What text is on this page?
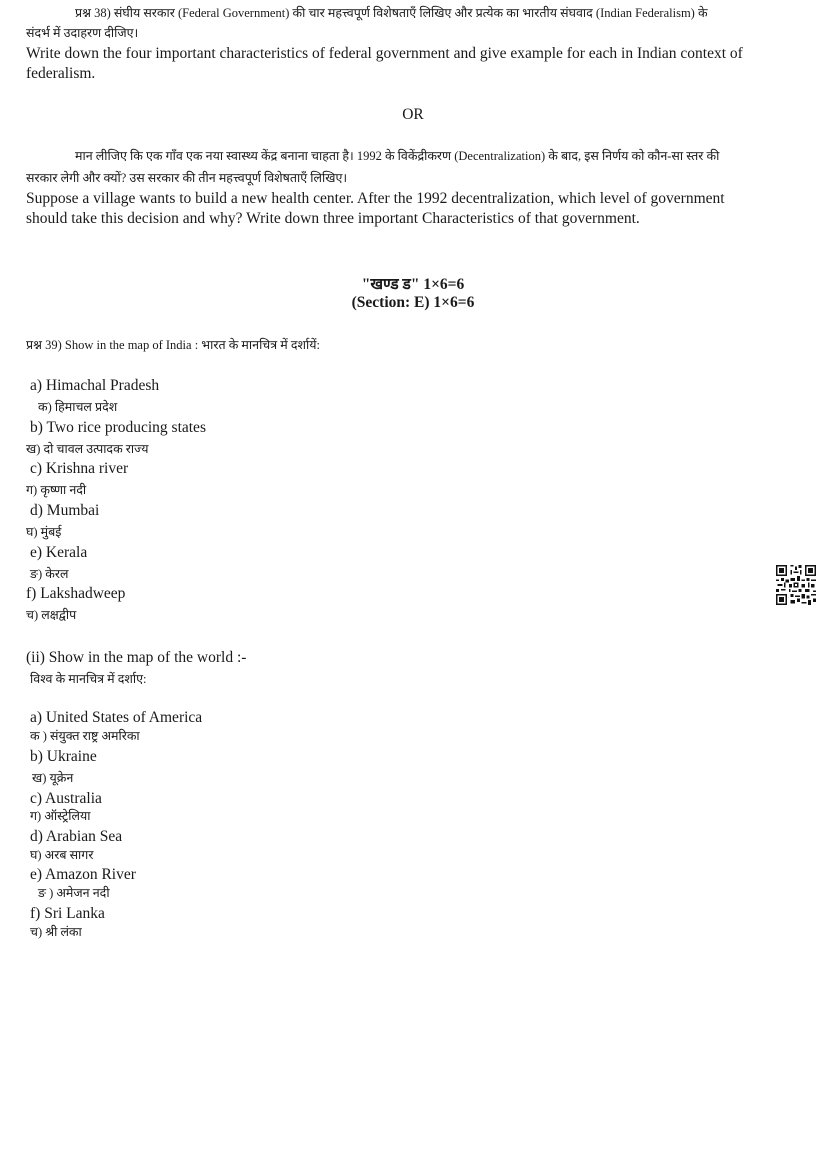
प्रश्न 38) संघीय सरकार (Federal Government) की चार महत्त्वपूर्ण विशेषताएँ लिखिए और प्रत्येक का भारतीय संघवाद (Indian Federalism) के
संदर्भ में उदाहरण दीजिए।
Write down the four important characteristics of federal government and give example for each in Indian context of
federalism.
OR
मान लीजिए कि एक गाँव एक नया स्वास्थ्य केंद्र बनाना चाहता है। 1992 के विकेंद्रीकरण (Decentralization) के बाद, इस निर्णय को कौन-सा स्तर की
सरकार लेगी और क्यों? उस सरकार की तीन महत्त्वपूर्ण विशेषताएँ लिखिए।
Suppose a village wants to build a new health center. After the 1992 decentralization, which level of government
should take this decision and why? Write down three important Characteristics of that government.
"खण्ड ड" 1×6=6
(Section: E) 1×6=6
प्रश्न 39) Show in the map of India : भारत के मानचित्र में दर्शायें:
a) Himachal Pradesh
क) हिमाचल प्रदेश
b) Two rice producing states
ख) दो चावल उत्पादक राज्य
c) Krishna river
ग) कृष्णा नदी
d) Mumbai
घ) मुंबई
e) Kerala
ङ) केरल
f) Lakshadweep
च) लक्षद्वीप
(ii) Show in the map of the world :-
विश्व के मानचित्र में दर्शाए:
a) United States of America
क ) संयुक्त राष्ट्र अमरिका
b) Ukraine
ख) यूक्रेन
c) Australia
ग) ऑस्ट्रेलिया
d) Arabian Sea
घ) अरब सागर
e) Amazon River
ङ ) अमेजन नदी
f) Sri Lanka
च) श्री लंका
